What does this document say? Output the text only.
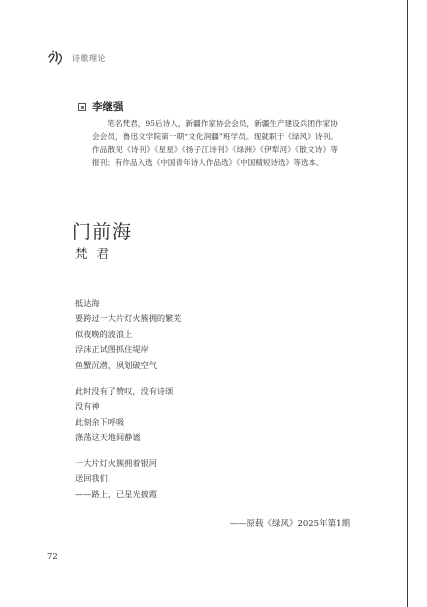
诗歌理论
李继强
笔名梵君，95后诗人，新疆作家协会会员，新疆生产建设兵团作家协会会员，鲁迅文学院第一期“文化润疆”班学员。现就职于《绿风》诗刊。作品散见《诗刊》《星星》《扬子江诗刊》《绿洲》《伊犁河》《散文诗》等报刊；有作品入选《中国青年诗人作品选》《中国精短诗选》等选本。
门前海
梵君
抵达海
要跨过一大片灯火簇拥的繁芜
似夜晚的波浪上
浮沫正试图抓住堤岸
鱼蟹沉潜，夙划破空气
此时没有了赞叹，没有诗颂
没有神
此刻余下呼吸
涤荡这天地间静谧
一大片灯火簇拥着银河
送回我们
——路上，已星光披霞
——原载《绿风》2025年第1期
72
